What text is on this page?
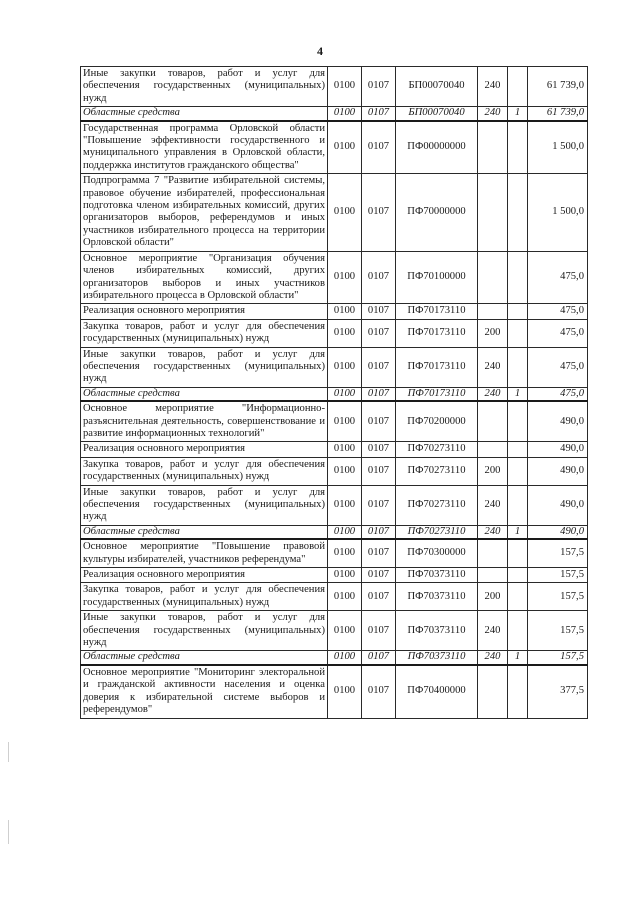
4
Иные закупки товаров, работ и услуг для обеспечения государственных (муниципальных) нужд	0100	0107	БП00070040	240		61 739,0
Областные средства	0100	0107	БП00070040	240	1	61 739,0
Государственная программа Орловской области "Повышение эффективности государственного и муниципального управления в Орловской области, поддержка институтов гражданского общества"	0100	0107	ПФ00000000			1 500,0
Подпрограмма 7 "Развитие избирательной системы, правовое обучение избирателей, профессиональная подготовка членом избирательных комиссий, других организаторов выборов, референдумов и иных участников избирательного процесса на территории Орловской области"	0100	0107	ПФ70000000			1 500,0
Основное мероприятие "Организация обучения членов избирательных комиссий, других организаторов выборов и иных участников избирательного процесса в Орловской области"	0100	0107	ПФ70100000			475,0
Реализация основного мероприятия	0100	0107	ПФ70173110			475,0
Закупка товаров, работ и услуг для обеспечения государственных (муниципальных) нужд	0100	0107	ПФ70173110	200		475,0
Иные закупки товаров, работ и услуг для обеспечения государственных (муниципальных) нужд	0100	0107	ПФ70173110	240		475,0
Областные средства	0100	0107	ПФ70173110	240	1	475,0
Основное мероприятие "Информационно-разъяснительная деятельность, совершенствование и развитие информационных технологий"	0100	0107	ПФ70200000			490,0
Реализация основного мероприятия	0100	0107	ПФ70273110			490,0
Закупка товаров, работ и услуг для обеспечения государственных (муниципальных) нужд	0100	0107	ПФ70273110	200		490,0
Иные закупки товаров, работ и услуг для обеспечения государственных (муниципальных) нужд	0100	0107	ПФ70273110	240		490,0
Областные средства	0100	0107	ПФ70273110	240	1	490,0
Основное мероприятие "Повышение правовой культуры избирателей, участников референдума"	0100	0107	ПФ70300000			157,5
Реализация основного мероприятия	0100	0107	ПФ70373110			157,5
Закупка товаров, работ и услуг для обеспечения государственных (муниципальных) нужд	0100	0107	ПФ70373110	200		157,5
Иные закупки товаров, работ и услуг для обеспечения государственных (муниципальных) нужд	0100	0107	ПФ70373110	240		157,5
Областные средства	0100	0107	ПФ70373110	240	1	157,5
Основное мероприятие "Мониторинг электоральной и гражданской активности населения и оценка доверия к избирательной системе выборов и референдумов"	0100	0107	ПФ70400000			377,5
